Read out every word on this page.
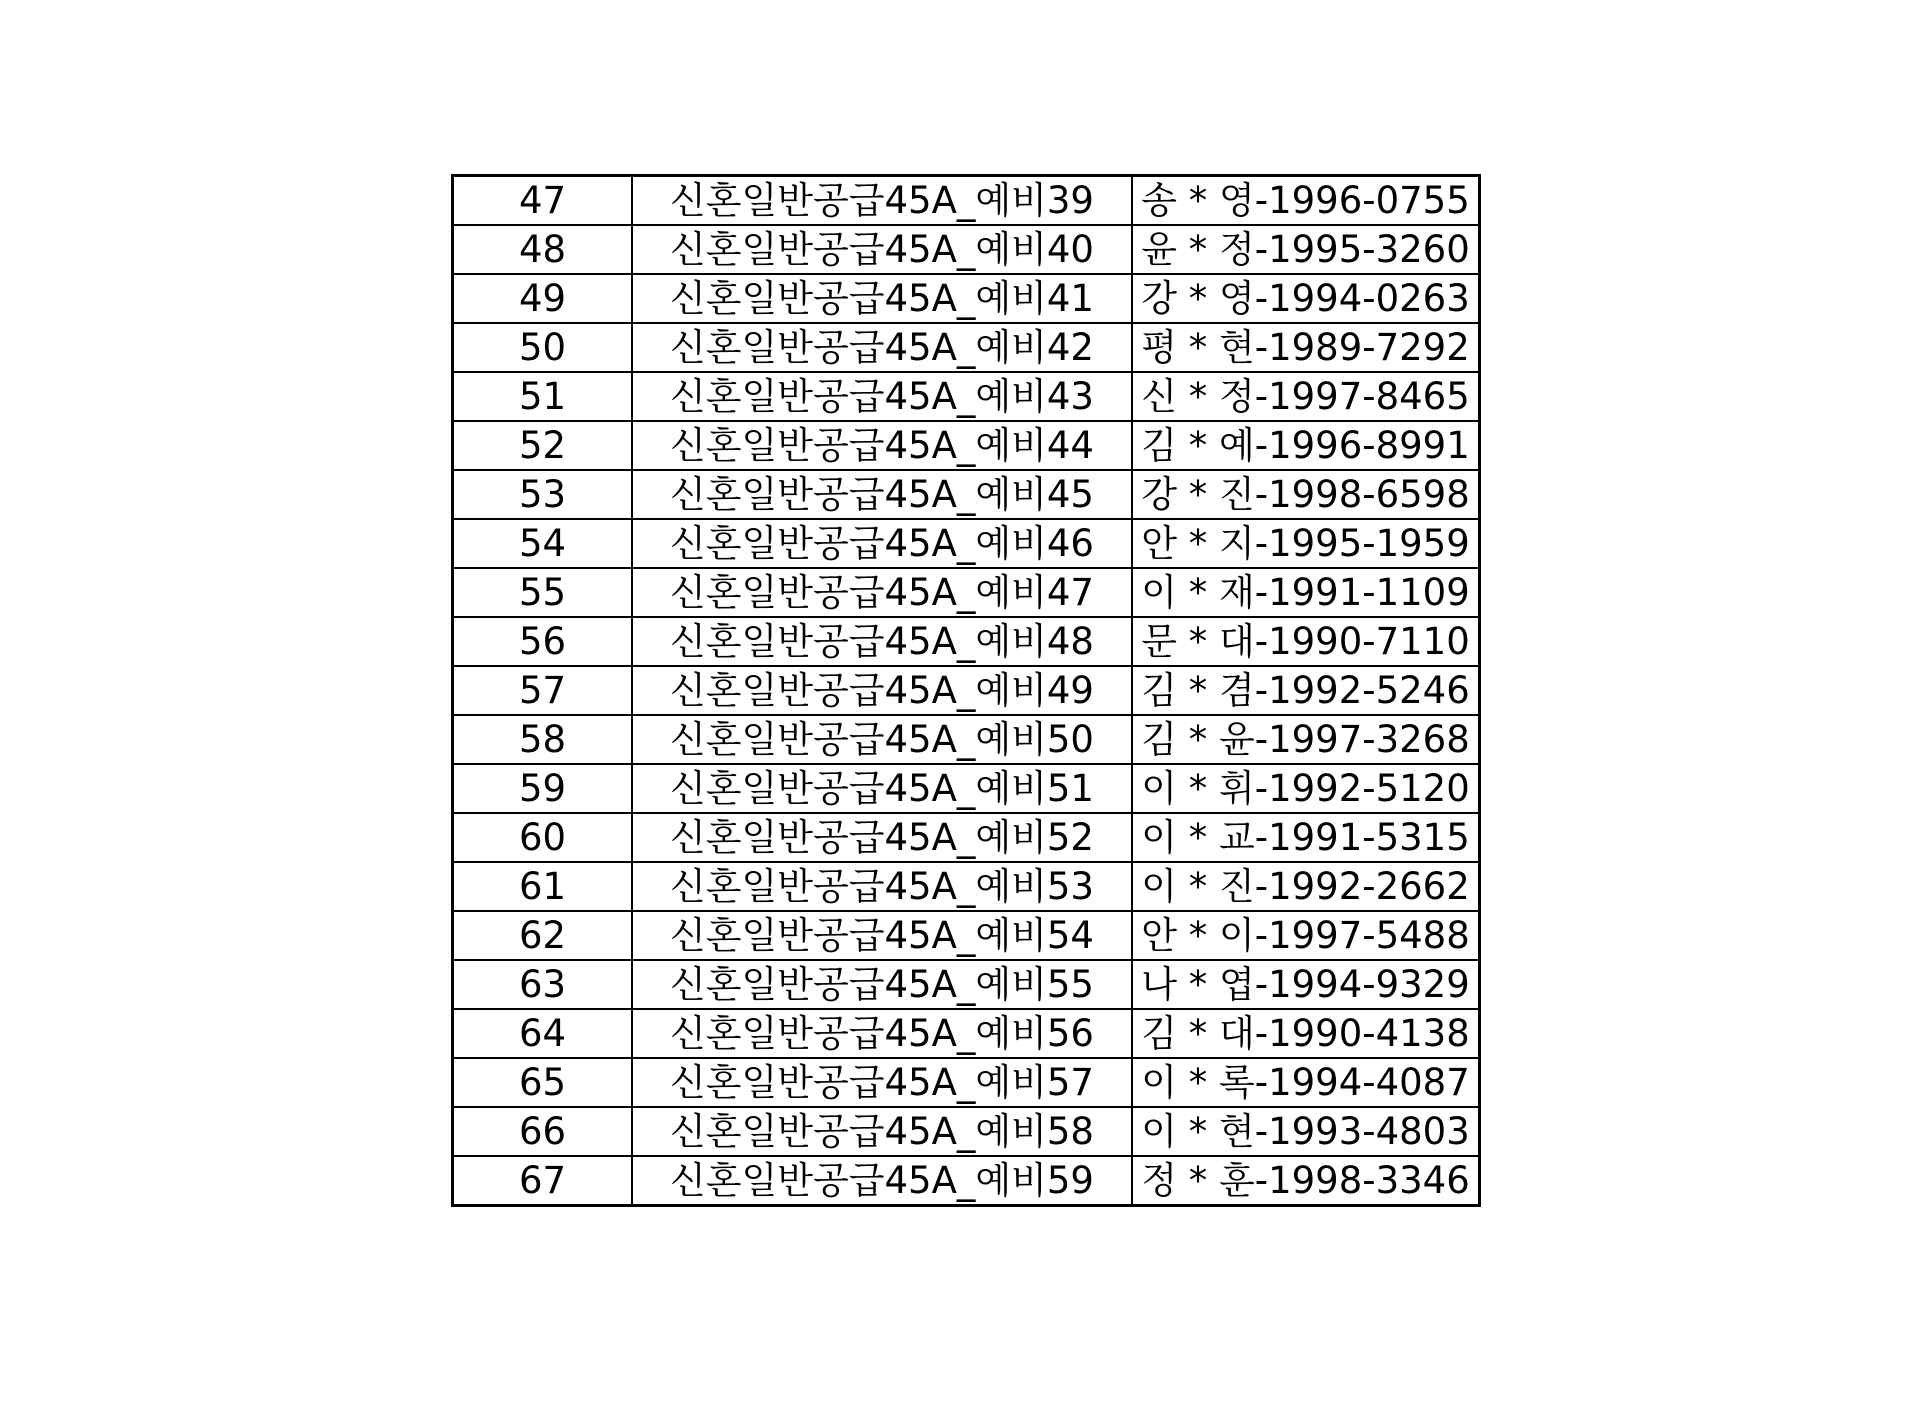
47	신혼일반공급45A_예비39	송 * 영-1996-0755
48	신혼일반공급45A_예비40	윤 * 정-1995-3260
49	신혼일반공급45A_예비41	강 * 영-1994-0263
50	신혼일반공급45A_예비42	평 * 현-1989-7292
51	신혼일반공급45A_예비43	신 * 정-1997-8465
52	신혼일반공급45A_예비44	김 * 예-1996-8991
53	신혼일반공급45A_예비45	강 * 진-1998-6598
54	신혼일반공급45A_예비46	안 * 지-1995-1959
55	신혼일반공급45A_예비47	이 * 재-1991-1109
56	신혼일반공급45A_예비48	문 * 대-1990-7110
57	신혼일반공급45A_예비49	김 * 겸-1992-5246
58	신혼일반공급45A_예비50	김 * 윤-1997-3268
59	신혼일반공급45A_예비51	이 * 휘-1992-5120
60	신혼일반공급45A_예비52	이 * 교-1991-5315
61	신혼일반공급45A_예비53	이 * 진-1992-2662
62	신혼일반공급45A_예비54	안 * 이-1997-5488
63	신혼일반공급45A_예비55	나 * 엽-1994-9329
64	신혼일반공급45A_예비56	김 * 대-1990-4138
65	신혼일반공급45A_예비57	이 * 록-1994-4087
66	신혼일반공급45A_예비58	이 * 현-1993-4803
67	신혼일반공급45A_예비59	정 * 훈-1998-3346
